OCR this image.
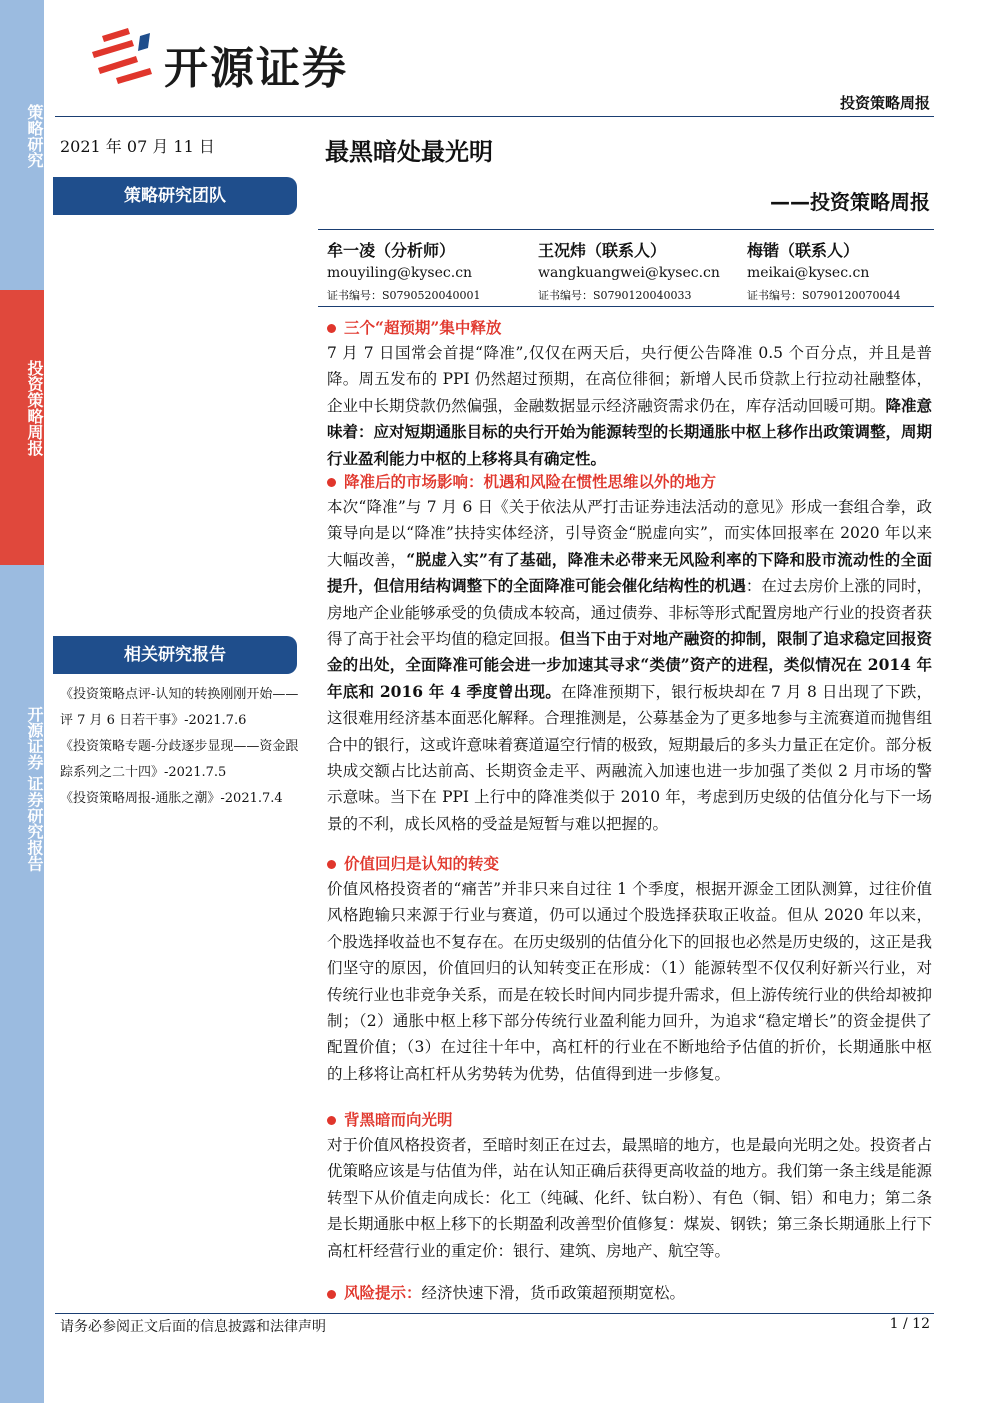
策略研究
投资策略周报
开源证券 证券研究报告
开源证券
投资策略周报
2021 年 07 月 11 日
策略研究团队
最黑暗处最光明
——投资策略周报
牟一凌（分析师）
mouyiling@kysec.cn
证书编号：S0790520040001
王况炜（联系人）
wangkuangwei@kysec.cn
证书编号：S0790120040033
梅锴（联系人）
meikai@kysec.cn
证书编号：S0790120070044
三个“超预期”集中释放
7 月 7 日国常会首提“降准”,仅仅在两天后，央行便公告降准 0.5 个百分点，并且是普降。周五发布的 PPI 仍然超过预期，在高位徘徊；新增人民币贷款上行拉动社融整体，企业中长期贷款仍然偏强，金融数据显示经济融资需求仍在，库存活动回暖可期。降准意味着：应对短期通胀目标的央行开始为能源转型的长期通胀中枢上移作出政策调整，周期行业盈利能力中枢的上移将具有确定性。
降准后的市场影响：机遇和风险在惯性思维以外的地方
本次“降准”与 7 月 6 日《关于依法从严打击证券违法活动的意见》形成一套组合拳，政策导向是以“降准”扶持实体经济，引导资金“脱虚向实”，而实体回报率在 2020 年以来大幅改善，“脱虚入实”有了基础，降准未必带来无风险利率的下降和股市流动性的全面提升，但信用结构调整下的全面降准可能会催化结构性的机遇：在过去房价上涨的同时，房地产企业能够承受的负债成本较高，通过债券、非标等形式配置房地产行业的投资者获得了高于社会平均值的稳定回报。但当下由于对地产融资的抑制，限制了追求稳定回报资金的出处，全面降准可能会进一步加速其寻求“类债”资产的进程，类似情况在 2014 年年底和 2016 年 4 季度曾出现。在降准预期下，银行板块却在 7 月 8 日出现了下跌，这很难用经济基本面恶化解释。合理推测是，公募基金为了更多地参与主流赛道而抛售组合中的银行，这或许意味着赛道逼空行情的极致，短期最后的多头力量正在定价。部分板块成交额占比达前高、长期资金走平、两融流入加速也进一步加强了类似 2 月市场的警示意味。当下在 PPI 上行中的降准类似于 2010 年，考虑到历史级的估值分化与下一场景的不利，成长风格的受益是短暂与难以把握的。
价值回归是认知的转变
价值风格投资者的“痛苦”并非只来自过往 1 个季度，根据开源金工团队测算，过往价值风格跑输只来源于行业与赛道，仍可以通过个股选择获取正收益。但从 2020 年以来，个股选择收益也不复存在。在历史级别的估值分化下的回报也必然是历史级的，这正是我们坚守的原因，价值回归的认知转变正在形成：（1）能源转型不仅仅利好新兴行业，对传统行业也非竞争关系，而是在较长时间内同步提升需求，但上游传统行业的供给却被抑制；（2）通胀中枢上移下部分传统行业盈利能力回升，为追求“稳定增长”的资金提供了配置价值；（3）在过往十年中，高杠杆的行业在不断地给予估值的折价，长期通胀中枢的上移将让高杠杆从劣势转为优势，估值得到进一步修复。
背黑暗而向光明
对于价值风格投资者，至暗时刻正在过去，最黑暗的地方，也是最向光明之处。投资者占优策略应该是与估值为伴，站在认知正确后获得更高收益的地方。我们第一条主线是能源转型下从价值走向成长：化工（纯碱、化纤、钛白粉）、有色（铜、铝）和电力；第二条是长期通胀中枢上移下的长期盈利改善型价值修复：煤炭、钢铁；第三条长期通胀上行下高杠杆经营行业的重定价：银行、建筑、房地产、航空等。
风险提示：经济快速下滑，货币政策超预期宽松。
相关研究报告
《投资策略点评-认知的转换刚刚开始——评 7 月 6 日若干事》-2021.7.6
《投资策略专题-分歧逐步显现——资金跟踪系列之二十四》-2021.7.5
《投资策略周报-通胀之潮》-2021.7.4
请务必参阅正文后面的信息披露和法律声明	1 / 12
